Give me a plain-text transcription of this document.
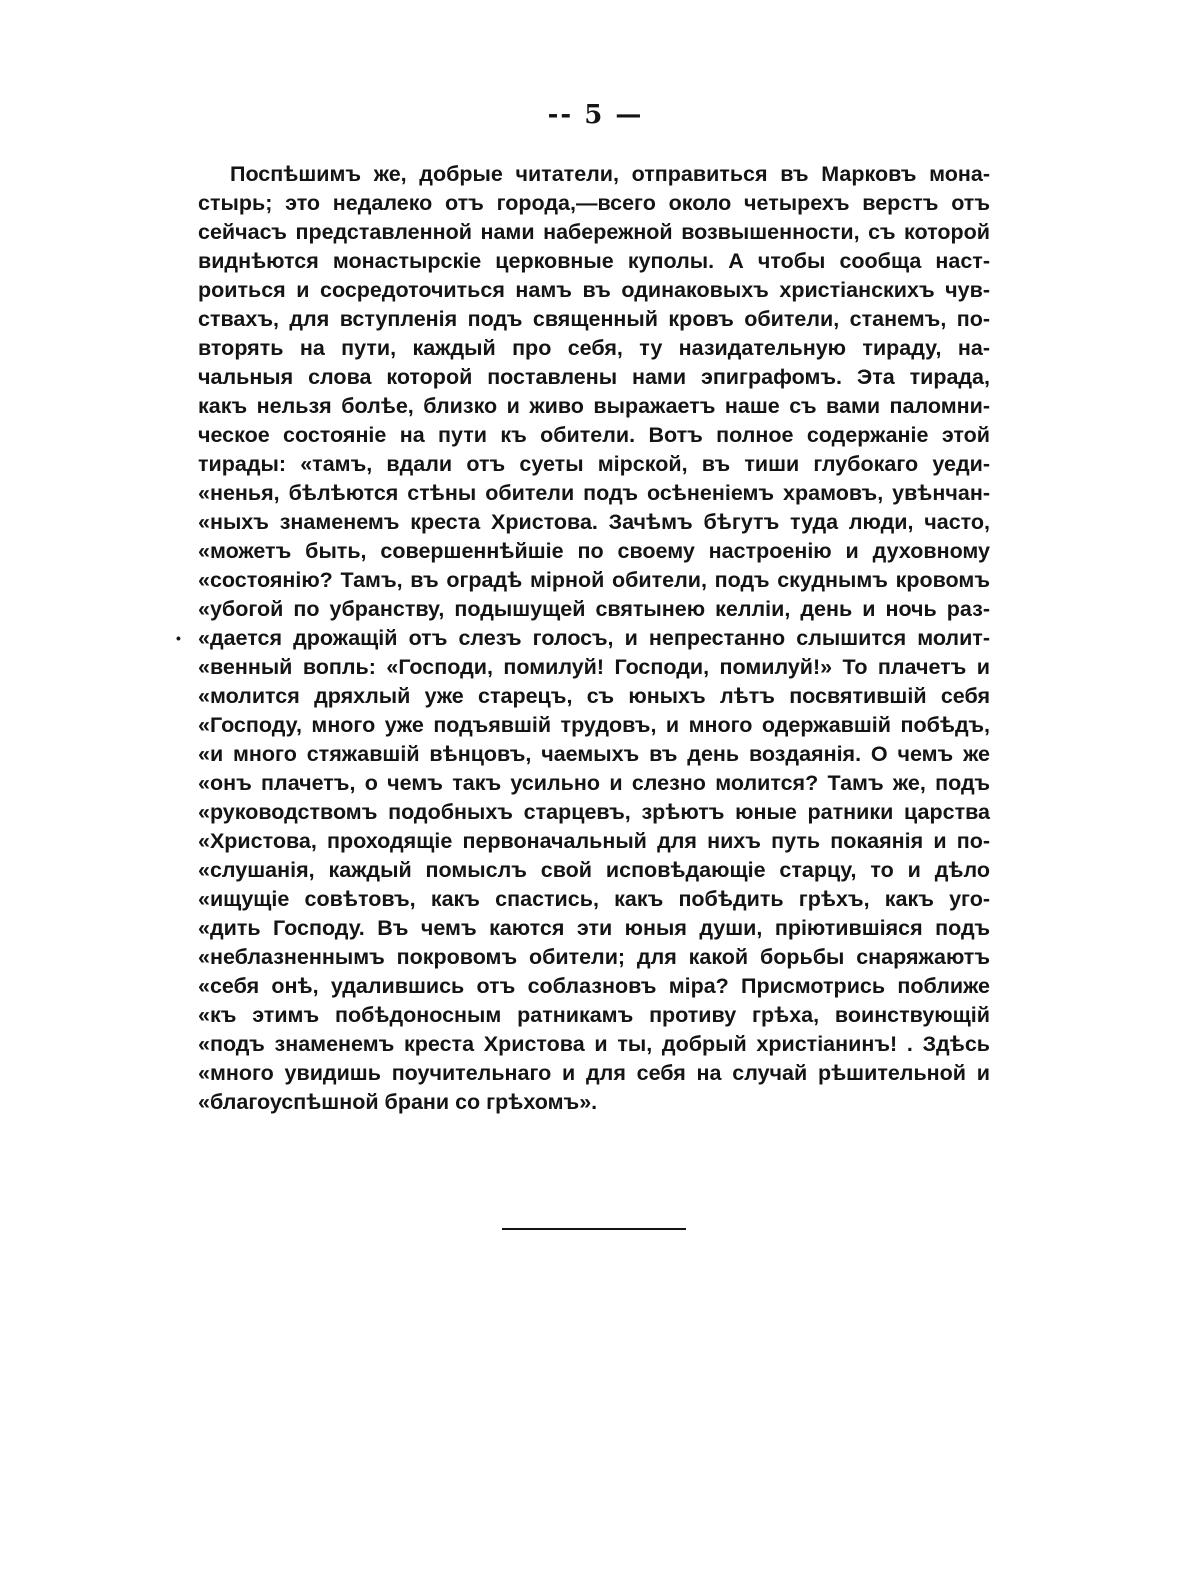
-- 5 —
Поспѣшимъ же, добрые читатели, отправиться въ Марковъ мона-
стырь; это недалеко отъ города,—всего около четырехъ верстъ отъ
сейчасъ представленной нами набережной возвышенности, съ которой
виднѣются монастырскіе церковные куполы. А чтобы сообща наст-
роиться и сосредоточиться намъ въ одинаковыхъ христіанскихъ чув-
ствахъ, для вступленія подъ священный кровъ обители, станемъ, по-
вторять на пути, каждый про себя, ту назидательную тираду, на-
чальныя слова которой поставлены нами эпиграфомъ. Эта тирада,
какъ нельзя болѣе, близко и живо выражаетъ наше съ вами паломни-
ческое состояніе на пути къ обители. Вотъ полное содержаніе этой
тирады: «тамъ, вдали отъ суеты мірской, въ тиши глубокаго уеди-
«ненья, бѣлѣются стѣны обители подъ осѣненіемъ храмовъ, увѣнчан-
«ныхъ знаменемъ креста Христова. Зачѣмъ бѣгутъ туда люди, часто,
«можетъ быть, совершеннѣйшіе по своему настроенію и духовному
«состоянію? Тамъ, въ оградѣ мірной обители, подъ скуднымъ кровомъ
«убогой по убранству, подышущей святынею келліи, день и ночь раз-
• «дается дрожащій отъ слезъ голосъ, и непрестанно слышится молит-
«венный вопль: «Господи, помилуй! Господи, помилуй!» То плачетъ и
«молится дряхлый уже старецъ, съ юныхъ лѣтъ посвятившій себя
«Господу, много уже подъявшій трудовъ, и много одержавшій побѣдъ,
«и много стяжавшій вѣнцовъ, чаемыхъ въ день воздаянія. О чемъ же
«онъ плачетъ, о чемъ такъ усильно и слезно молится? Тамъ же, подъ
«руководствомъ подобныхъ старцевъ, зрѣютъ юные ратники царства
«Христова, проходящіе первоначальный для нихъ путь покаянія и по-
«слушанія, каждый помыслъ свой исповѣдающіе старцу, то и дѣло
«ищущіе совѣтовъ, какъ спастись, какъ побѣдить грѣхъ, какъ уго-
«дить Господу. Въ чемъ каются эти юныя души, пріютившіяся подъ
«неблазненнымъ покровомъ обители; для какой борьбы снаряжаютъ
«себя онѣ, удалившись отъ соблазновъ міра? Присмотрись поближе
«къ этимъ побѣдоносным ратникамъ противу грѣха, воинствующій
«подъ знаменемъ креста Христова и ты, добрый христіанинъ! . Здѣсь
«много увидишь поучительнаго и для себя на случай рѣшительной и
«благоуспѣшной брани со грѣхомъ».
